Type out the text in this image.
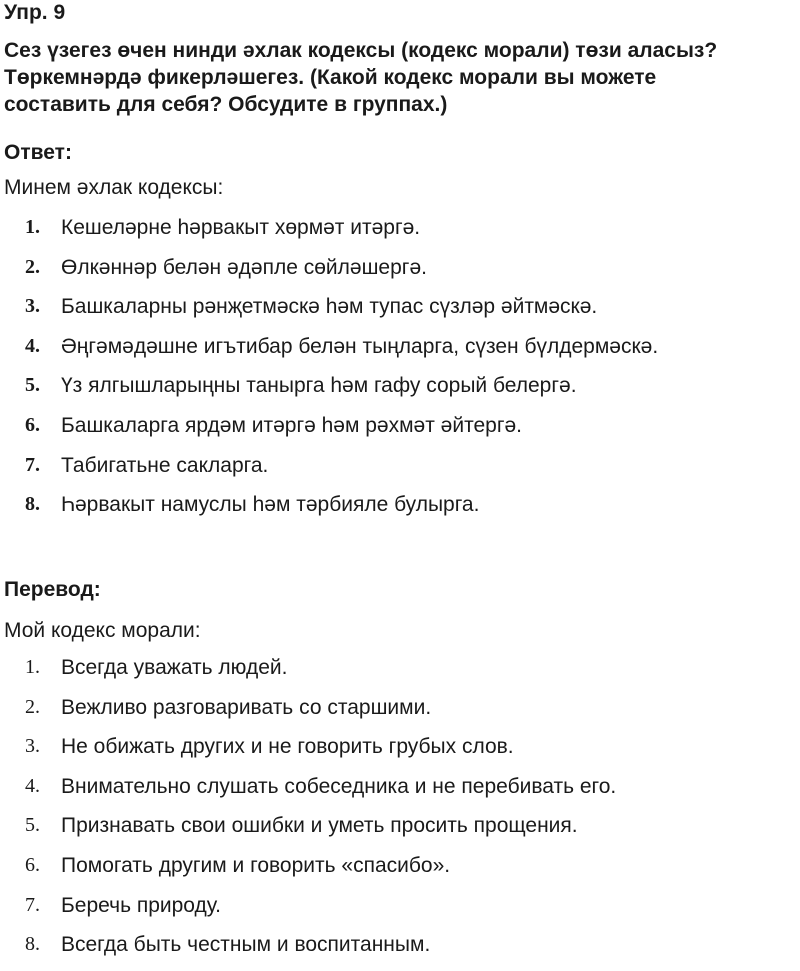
Упр. 9
Сез үзегез өчен нинди әхлак кодексы (кодекс морали) төзи аласыз?
Төркемнәрдә фикерләшегез. (Какой кодекс морали вы можете
составить для себя? Обсудите в группах.)
Ответ:
Минем әхлак кодексы:
1. Кешеләрне һәрвакыт хөрмәт итәргә.
2. Өлкәннәр белән әдәпле сөйләшергә.
3. Башкаларны рәнҗетмәскә һәм тупас сүзләр әйтмәскә.
4. Әңгәмәдәшне игътибар белән тыңларга, сүзен бүлдермәскә.
5. Үз ялгышларыңны танырга һәм гафу сорый белергә.
6. Башкаларга ярдәм итәргә һәм рәхмәт әйтергә.
7. Табигатьне сакларга.
8. Һәрвакыт намуслы һәм тәрбияле булырга.
Перевод:
Мой кодекс морали:
1. Всегда уважать людей.
2. Вежливо разговаривать со старшими.
3. Не обижать других и не говорить грубых слов.
4. Внимательно слушать собеседника и не перебивать его.
5. Признавать свои ошибки и уметь просить прощения.
6. Помогать другим и говорить «спасибо».
7. Беречь природу.
8. Всегда быть честным и воспитанным.
